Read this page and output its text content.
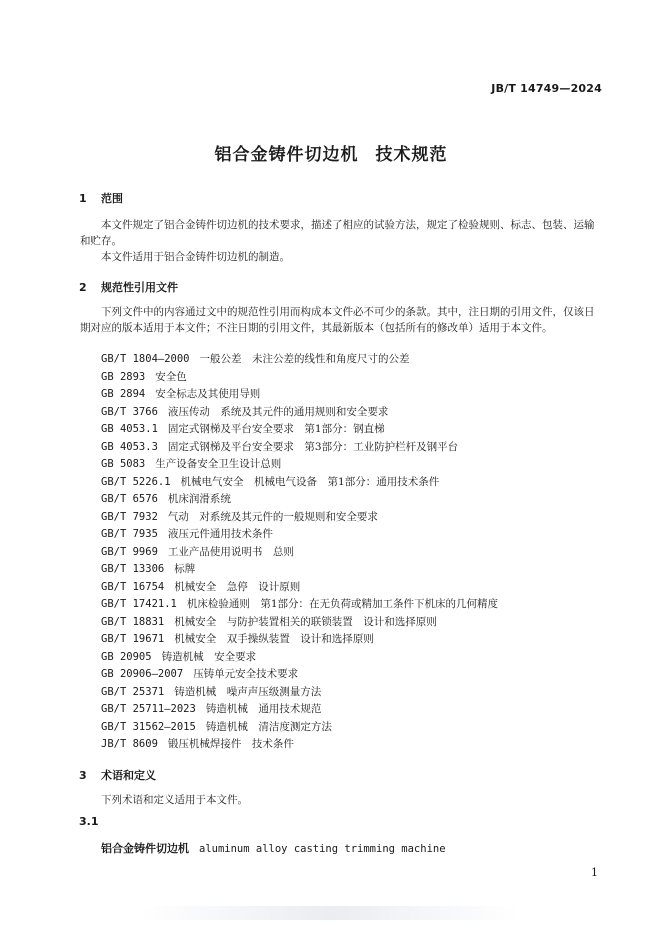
JB/T 14749—2024
铝合金铸件切边机 技术规范
1 范围

本文件规定了铝合金铸件切边机的技术要求，描述了相应的试验方法，规定了检验规则、标志、包装、运输和贮存。

本文件适用于铝合金铸件切边机的制造。

2 规范性引用文件

下列文件中的内容通过文中的规范性引用而构成本文件必不可少的条款。其中，注日期的引用文件，仅该日期对应的版本适用于本文件；不注日期的引用文件，其最新版本（包括所有的修改单）适用于本文件。

GB/T 1804—2000 一般公差　未注公差的线性和角度尺寸的公差
GB 2893 安全色
GB 2894 安全标志及其使用导则
GB/T 3766 液压传动　系统及其元件的通用规则和安全要求
GB 4053.1 固定式钢梯及平台安全要求　第1部分：钢直梯
GB 4053.3 固定式钢梯及平台安全要求　第3部分：工业防护栏杆及钢平台
GB 5083 生产设备安全卫生设计总则
GB/T 5226.1 机械电气安全　机械电气设备　第1部分：通用技术条件
GB/T 6576 机床润滑系统
GB/T 7932 气动　对系统及其元件的一般规则和安全要求
GB/T 7935 液压元件通用技术条件
GB/T 9969 工业产品使用说明书　总则
GB/T 13306 标牌
GB/T 16754 机械安全　急停　设计原则
GB/T 17421.1 机床检验通则　第1部分：在无负荷或精加工条件下机床的几何精度
GB/T 18831 机械安全　与防护装置相关的联锁装置　设计和选择原则
GB/T 19671 机械安全　双手操纵装置　设计和选择原则
GB 20905 铸造机械　安全要求
GB 20906—2007 压铸单元安全技术要求
GB/T 25371 铸造机械　噪声声压级测量方法
GB/T 25711—2023 铸造机械　通用技术规范
GB/T 31562—2015 铸造机械　清洁度测定方法
JB/T 8609 锻压机械焊接件　技术条件
3 术语和定义

下列术语和定义适用于本文件。

3.1
铝合金铸件切边机 aluminum alloy casting trimming machine
1
